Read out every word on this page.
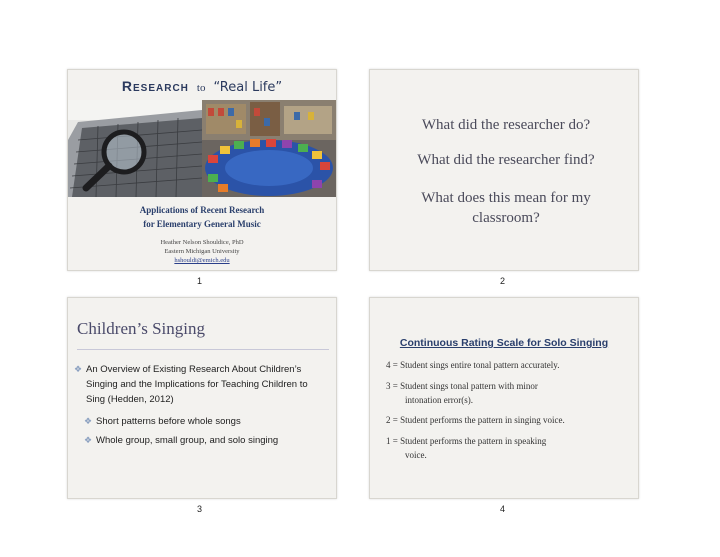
Research to “Real Life”
Applications of Recent Research
for Elementary General Music
Heather Nelson Shouldice, PhD
Eastern Michigan University
hshouldi@emich.edu
1
What did the researcher do?
What did the researcher find?
What does this mean for my
classroom?
2
Children’s Singing
❖ An Overview of Existing Research About Children’s
Singing and the Implications for Teaching Children to
Sing (Hedden, 2012)
❖ Short patterns before whole songs
❖ Whole group, small group, and solo singing
3
Continuous Rating Scale for Solo Singing
4 = Student sings entire tonal pattern accurately.
3 = Student sings tonal pattern with minor
intonation error(s).
2 = Student performs the pattern in singing voice.
1 = Student performs the pattern in speaking
voice.
4
